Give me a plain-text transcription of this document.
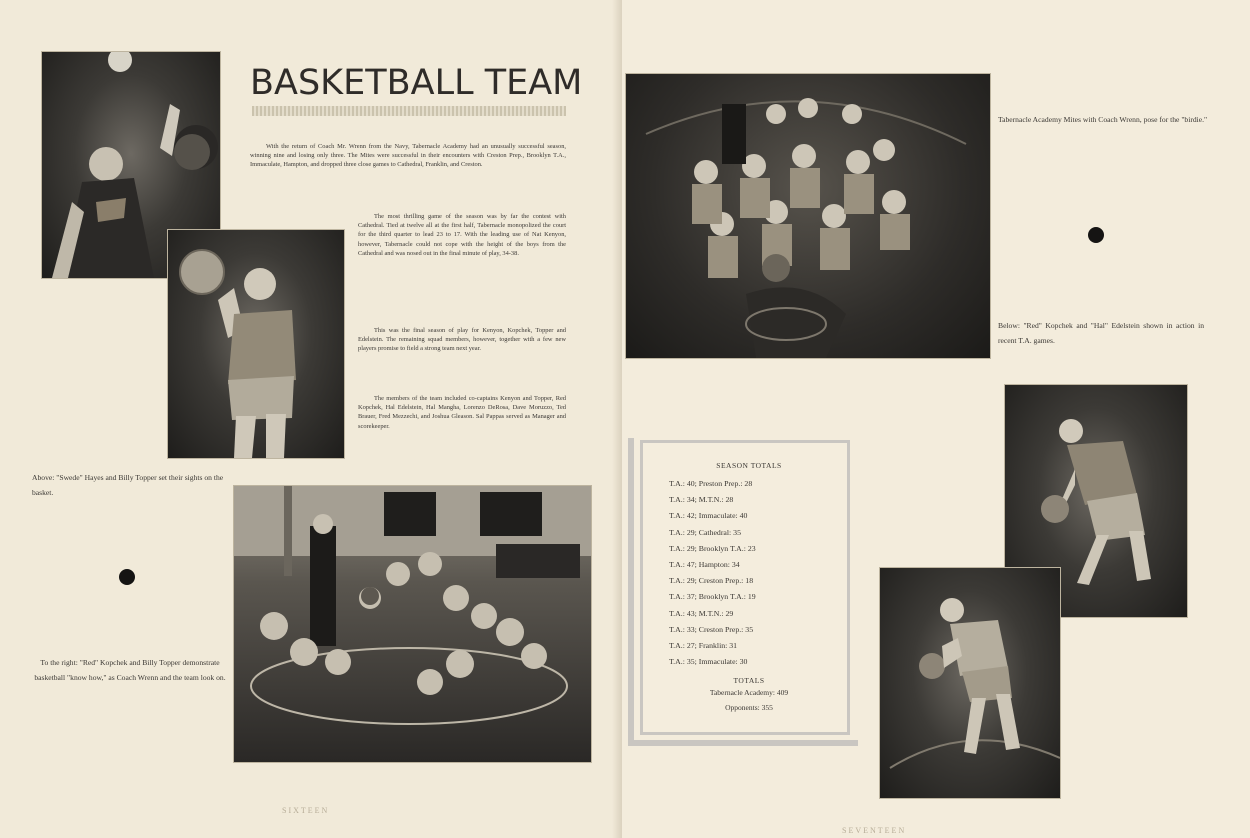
BASKETBALL TEAM
With the return of Coach Mr. Wrenn from the Navy, Tabernacle Academy had an unusually successful season, winning nine and losing only three. The Mites were successful in their encounters with Creston Prep., Brooklyn T.A., Immaculate, Hampton, and dropped three close games to Cathedral, Franklin, and Creston.
The most thrilling game of the season was by far the contest with Cathedral. Tied at twelve all at the first half, Tabernacle monopolized the court for the third quarter to lead 23 to 17. With the leading use of Nat Kenyon, however, Tabernacle could not cope with the height of the boys from the Cathedral and was nosed out in the final minute of play, 34-38.
This was the final season of play for Kenyon, Kopchek, Topper and Edelstein. The remaining squad members, however, together with a few new players promise to field a strong team next year.
The members of the team included co-captains Kenyon and Topper, Red Kopchek, Hal Edelstein, Hal Mangha, Lorenzo DeRosa, Dave Moruzzo, Ted Brauer, Fred Mezzechi, and Joshua Gleason. Sal Pappas served as Manager and scorekeeper.
Above: "Swede" Hayes and Billy Topper set their sights on the basket.
To the right: "Red" Kopchek and Billy Topper demonstrate basketball "know how," as Coach Wrenn and the team look on.
SIXTEEN
Tabernacle Academy Mites with Coach Wrenn, pose for the "birdie."
Below: "Red" Kopchek and "Hal" Edelstein shown in action in recent T.A. games.
SEASON TOTALS
T.A.: 40; Preston Prep.: 28
T.A.: 34; M.T.N.: 28
T.A.: 42; Immaculate: 40
T.A.: 29; Cathedral: 35
T.A.: 29; Brooklyn T.A.: 23
T.A.: 47; Hampton: 34
T.A.: 29; Creston Prep.: 18
T.A.: 37; Brooklyn T.A.: 19
T.A.: 43; M.T.N.: 29
T.A.: 33; Creston Prep.: 35
T.A.: 27; Franklin: 31
T.A.: 35; Immaculate: 30
TOTALS
Tabernacle Academy: 409
Opponents: 355
SEVENTEEN
